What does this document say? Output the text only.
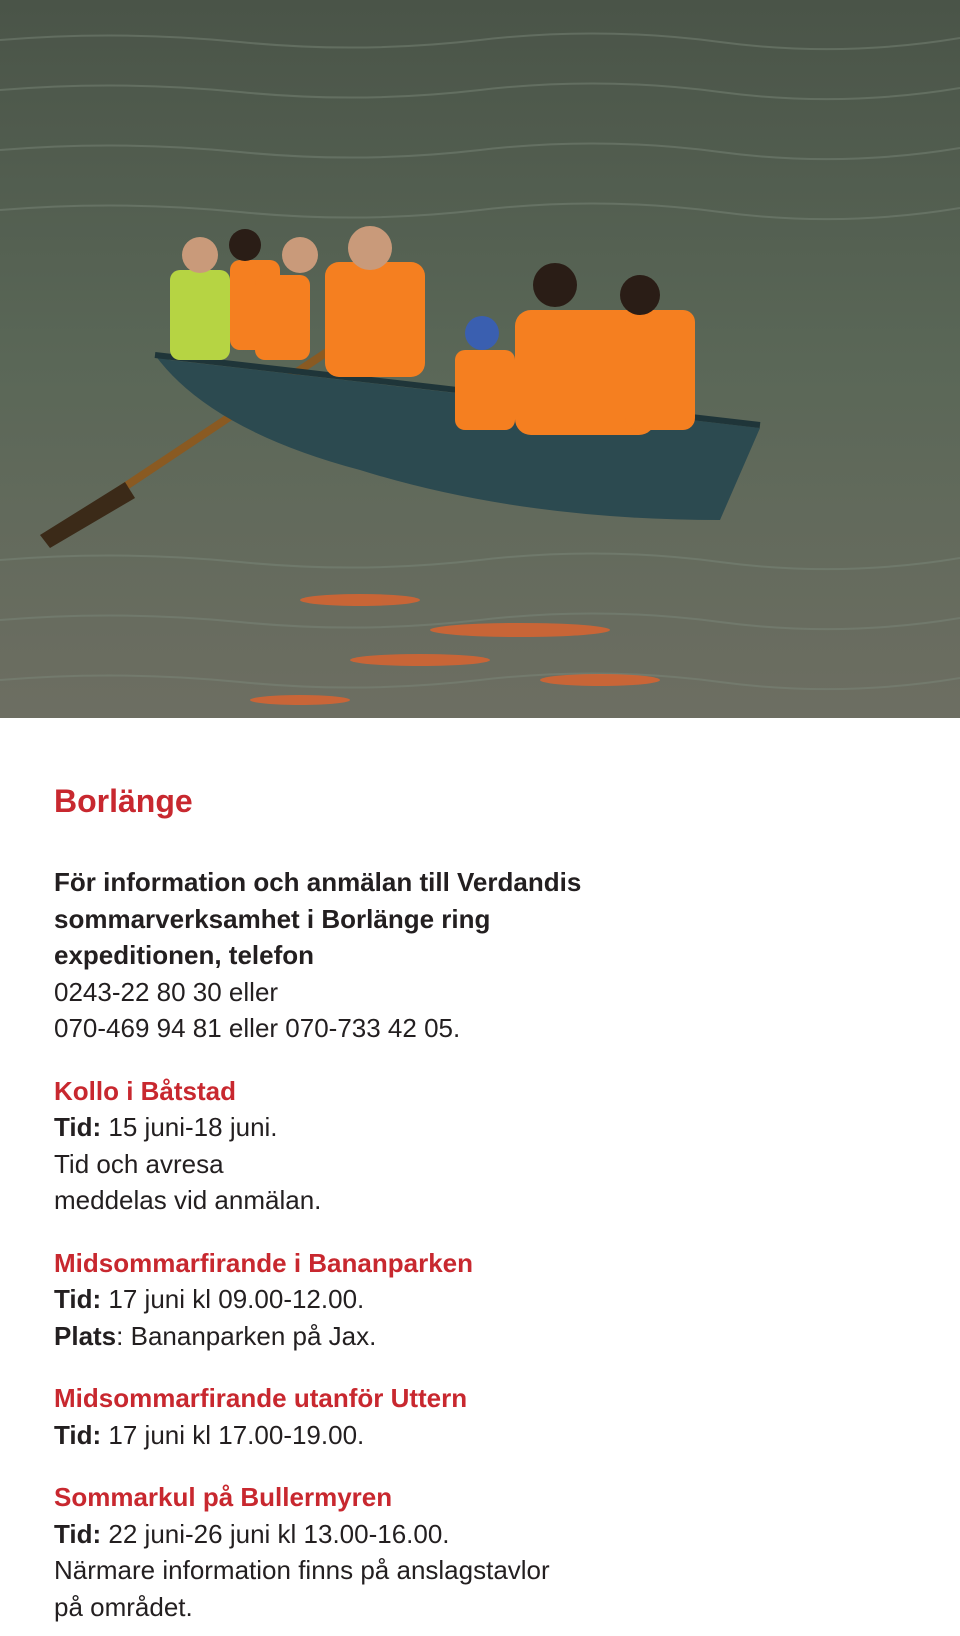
Borlänge
För information och anmälan till Verdandis
sommarverksamhet i Borlänge ring
expeditionen, telefon
0243-22 80 30 eller
070-469 94 81 eller 070-733 42 05.
Kollo i Båtstad
Tid: 15 juni-18 juni.
Tid och avresa
meddelas vid anmälan.
Midsommarfirande i Bananparken
Tid: 17 juni kl 09.00-12.00.
Plats: Bananparken på Jax.
Midsommarfirande utanför Uttern
Tid: 17 juni kl 17.00-19.00.
Sommarkul på Bullermyren
Tid: 22 juni-26 juni kl 13.00-16.00.
Närmare information finns på anslagstavlor
på området.
